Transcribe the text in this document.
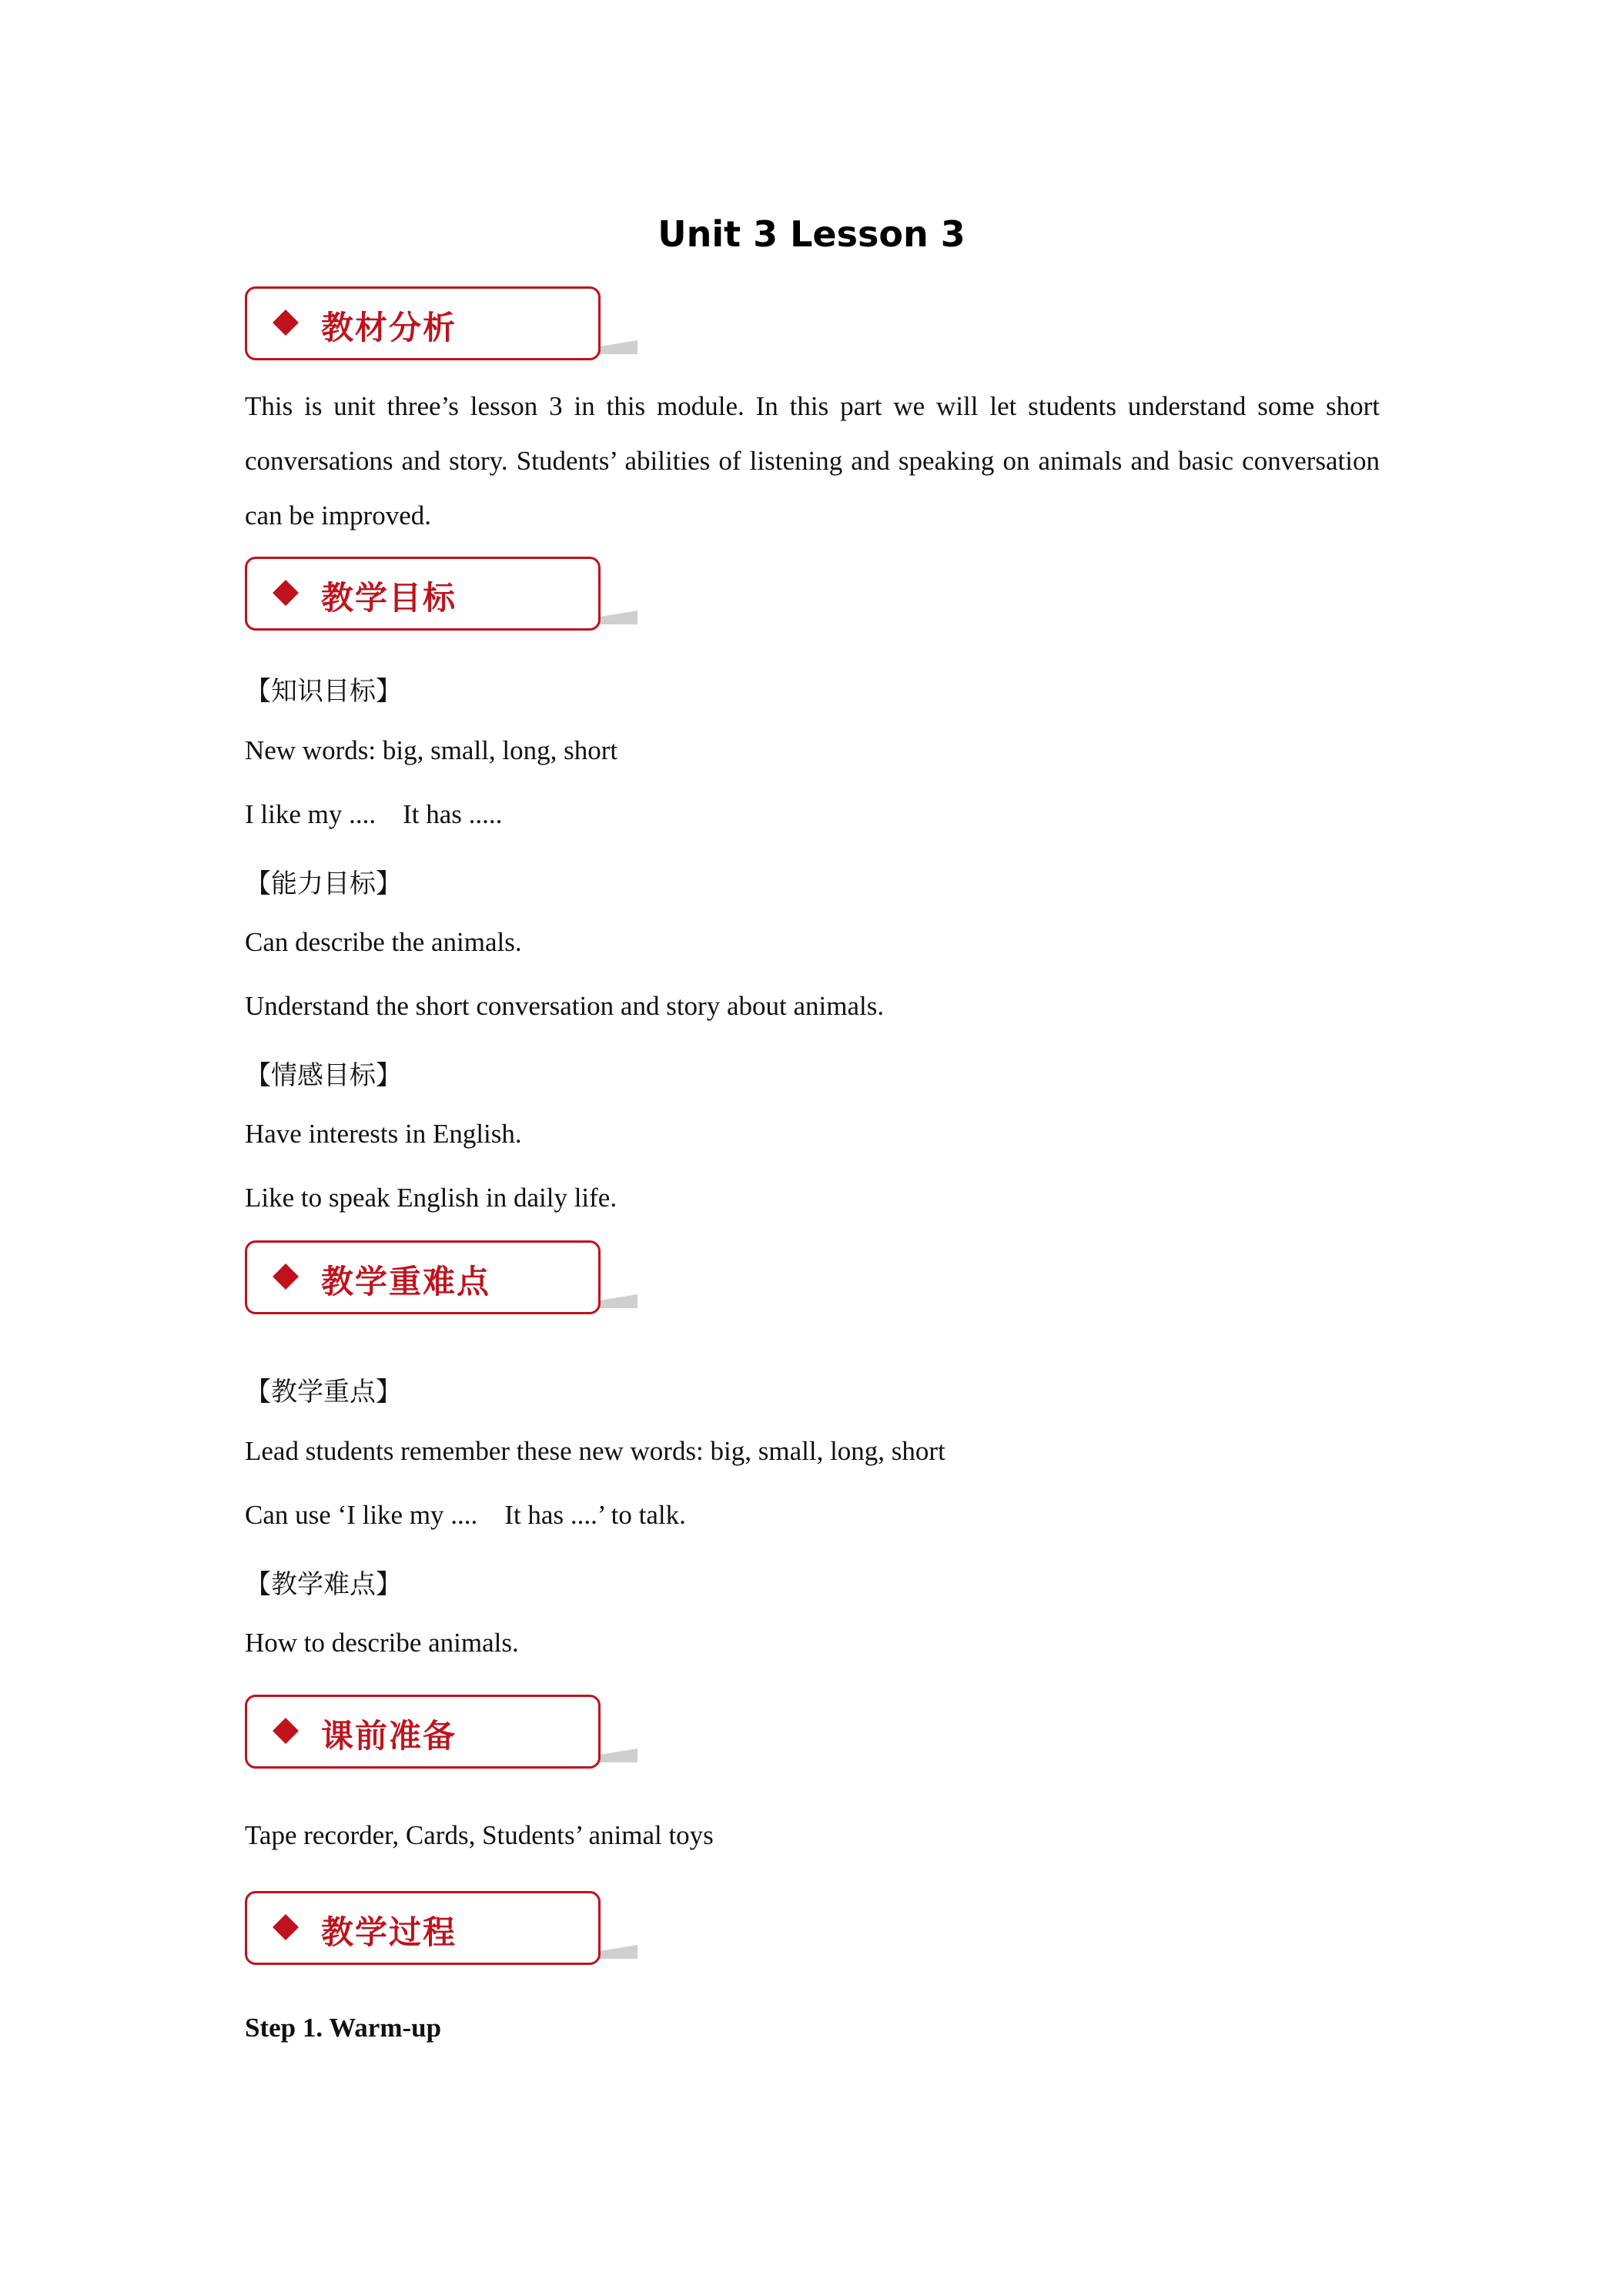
Unit 3 Lesson 3
教材分析
This is unit three’s lesson 3 in this module. In this part we will let students understand some short conversations and story. Students’ abilities of listening and speaking on animals and basic conversation can be improved.
教学目标
【知识目标】
New words: big, small, long, short
I like my ....    It has .....
【能力目标】
Can describe the animals.
Understand the short conversation and story about animals.
【情感目标】
Have interests in English.
Like to speak English in daily life.
教学重难点
【教学重点】
Lead students remember these new words: big, small, long, short
Can use ‘I like my ....    It has ....’ to talk.
【教学难点】
How to describe animals.
课前准备
Tape recorder, Cards, Students’ animal toys
教学过程
Step 1. Warm-up
